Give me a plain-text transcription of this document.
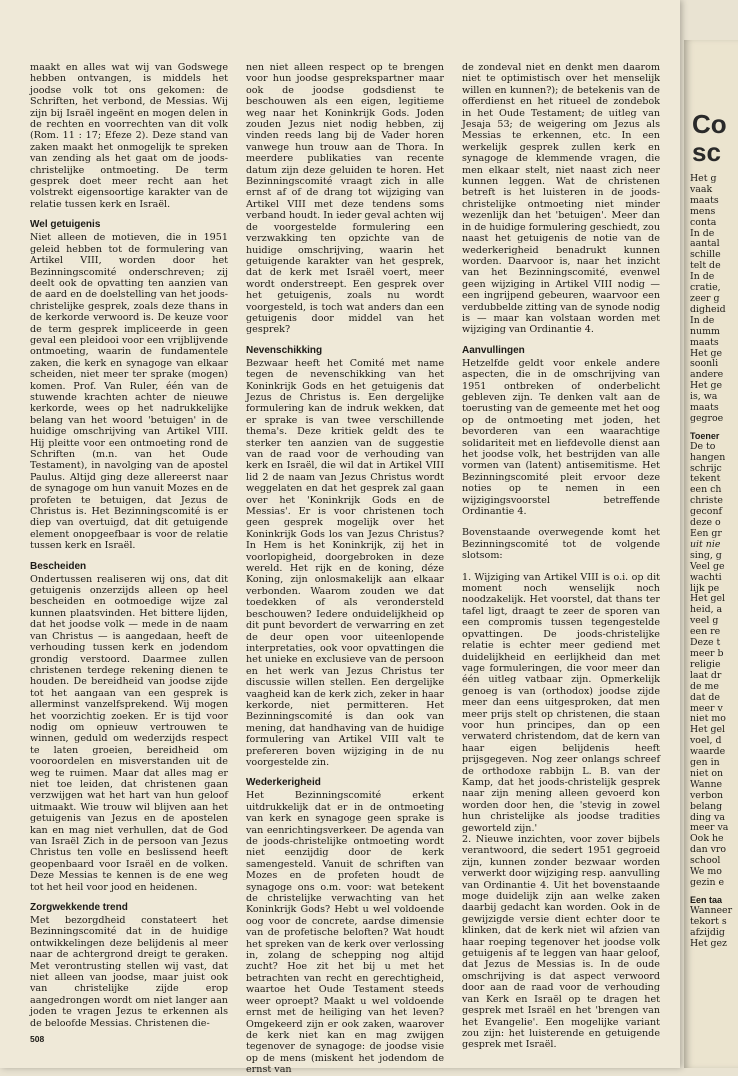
maakt en alles wat wij van Godswege hebben ontvangen, is middels het joodse volk tot ons gekomen: de Schriften, het verbond, de Messias. Wij zijn bij Israël ingeënt en mogen delen in de rechten en voorrechten van dit volk (Rom. 11 : 17; Efeze 2). Deze stand van zaken maakt het onmogelijk te spreken van zending als het gaat om de joods-christelijke ontmoeting. De term gesprek doet meer recht aan het volstrekt eigensoortige karakter van de relatie tussen kerk en Israël.

Wel getuigenis

Niet alleen de motieven, die in 1951 geleid hebben tot de formulering van Artikel VIII, worden door het Bezinningscomité onderschreven; zij deelt ook de opvatting ten aanzien van de aard en de doelstelling van het joods-christelijke gesprek, zoals deze thans in de kerkorde verwoord is. De keuze voor de term gesprek impliceerde in geen geval een pleidooi voor een vrijblijvende ontmoeting, waarin de fundamentele zaken, die kerk en synagoge van elkaar scheiden, niet meer ter sprake (mogen) komen. Prof. Van Ruler, één van de stuwende krachten achter de nieuwe kerkorde, wees op het nadrukkelijke belang van het woord 'betuigen' in de huidige omschrijving van Artikel VIII. Hij pleitte voor een ontmoeting rond de Schriften (m.n. van het Oude Testament), in navolging van de apostel Paulus. Altijd ging deze allereerst naar de synagoge om hun vanuit Mozes en de profeten te betuigen, dat Jezus de Christus is. Het Bezinningscomité is er diep van overtuigd, dat dit getuigende element onopgeefbaar is voor de relatie tussen kerk en Israël.

Bescheiden

Ondertussen realiseren wij ons, dat dit getuigenis onzerzijds alleen op heel bescheiden en ootmoedige wijze zal kunnen plaatsvinden. Het bittere lijden, dat het joodse volk — mede in de naam van Christus — is aangedaan, heeft de verhouding tussen kerk en jodendom grondig verstoord. Daarmee zullen christenen terdege rekening dienen te houden. De bereidheid van joodse zijde tot het aangaan van een gesprek is allerminst vanzelfsprekend. Wij mogen het voorzichtig zoeken. Er is tijd voor nodig om opnieuw vertrouwen te winnen, geduld om wederzijds respect te laten groeien, bereidheid om vooroordelen en misverstanden uit de weg te ruimen. Maar dat alles mag er niet toe leiden, dat christenen gaan verzwijgen wat het hart van hun geloof uitmaakt. Wie trouw wil blijven aan het getuigenis van Jezus en de apostelen kan en mag niet verhullen, dat de God van Israël Zich in de persoon van Jezus Christus ten volle en beslissend heeft geopenbaard voor Israël en de volken. Deze Messias te kennen is de ene weg tot het heil voor jood en heidenen.

Zorgwekkende trend

Met bezorgdheid constateert het Bezinningscomité dat in de huidige ontwikkelingen deze belijdenis al meer naar de achtergrond dreigt te geraken. Met verontrusting stellen wij vast, dat niet alleen van joodse, maar juist ook van christelijke zijde erop aangedrongen wordt om niet langer aan joden te vragen Jezus te erkennen als de beloofde Messias. Christenen die-

nen niet alleen respect op te brengen voor hun joodse gesprekspartner maar ook de joodse godsdienst te beschouwen als een eigen, legitieme weg naar het Koninkrijk Gods. Joden zouden Jezus niet nodig hebben, zij vinden reeds lang bij de Vader horen vanwege hun trouw aan de Thora. In meerdere publikaties van recente datum zijn deze geluiden te horen. Het Bezinningscomité vraagt zich in alle ernst af of de drang tot wijziging van Artikel VIII met deze tendens soms verband houdt. In ieder geval achten wij de voorgestelde formulering een verzwakking ten opzichte van de huidige omschrijving, waarin het getuigende karakter van het gesprek, dat de kerk met Israël voert, meer wordt onderstreept. Een gesprek over het getuigenis, zoals nu wordt voorgesteld, is toch wat anders dan een getuigenis door middel van het gesprek?

Nevenschikking

Bezwaar heeft het Comité met name tegen de nevenschikking van het Koninkrijk Gods en het getuigenis dat Jezus de Christus is. Een dergelijke formulering kan de indruk wekken, dat er sprake is van twee verschillende thema's. Deze kritiek geldt des te sterker ten aanzien van de suggestie van de raad voor de verhouding van kerk en Israël, die wil dat in Artikel VIII lid 2 de naam van Jezus Christus wordt weggelaten en dat het gesprek zal gaan over het 'Koninkrijk Gods en de Messias'. Er is voor christenen toch geen gesprek mogelijk over het Koninkrijk Gods los van Jezus Christus? In Hem is het Koninkrijk, zij het in voorlopigheid, doorgebroken in deze wereld. Het rijk en de koning, déze Koning, zijn onlosmakelijk aan elkaar verbonden. Waarom zouden we dat toedekken of als verondersteld beschouwen? Iedere onduidelijkheid op dit punt bevordert de verwarring en zet de deur open voor uiteenlopende interpretaties, ook voor opvattingen die het unieke en exclusieve van de persoon en het werk van Jezus Christus ter discussie willen stellen. Een dergelijke vaagheid kan de kerk zich, zeker in haar kerkorde, niet permitteren. Het Bezinningscomité is dan ook van mening, dat handhaving van de huidige formulering van Artikel VIII valt te prefereren boven wijziging in de nu voorgestelde zin.

Wederkerigheid

Het Bezinningscomité erkent uitdrukkelijk dat er in de ontmoeting van kerk en synagoge geen sprake is van eenrichtingsverkeer. De agenda van de joods-christelijke ontmoeting wordt niet eenzijdig door de kerk samengesteld. Vanuit de schriften van Mozes en de profeten houdt de synagoge ons o.m. voor: wat betekent de christelijke verwachting van het Koninkrijk Gods? Hebt u wel voldoende oog voor de concrete, aardse dimensie van de profetische beloften? Wat houdt het spreken van de kerk over verlossing in, zolang de schepping nog altijd zucht? Hoe zit het bij u met het betrachten van recht en gerechtigheid, waartoe het Oude Testament steeds weer oproept? Maakt u wel voldoende ernst met de heiliging van het leven? Omgekeerd zijn er ook zaken, waarover de kerk niet kan en mag zwijgen tegenover de synagoge: de joodse visie op de mens (miskent het jodendom de ernst van

de zondeval niet en denkt men daarom niet te optimistisch over het menselijk willen en kunnen?); de betekenis van de offerdienst en het ritueel de zondebok in het Oude Testament; de uitleg van Jesaja 53; de weigering om Jezus als Messias te erkennen, etc. In een werkelijk gesprek zullen kerk en synagoge de klemmende vragen, die men elkaar stelt, niet naast zich neer kunnen leggen. Wat de christenen betreft is het luisteren in de joods-christelijke ontmoeting niet minder wezenlijk dan het 'betuigen'. Meer dan in de huidige formulering geschiedt, zou naast het getuigenis de notie van de wederkerigheid benadrukt kunnen worden. Daarvoor is, naar het inzicht van het Bezinningscomité, evenwel geen wijziging in Artikel VIII nodig — een ingrijpend gebeuren, waarvoor een verdubbelde zitting van de synode nodig is — maar kan volstaan worden met wijziging van Ordinantie 4.

Aanvullingen

Hetzelfde geldt voor enkele andere aspecten, die in de omschrijving van 1951 ontbreken of onderbelicht gebleven zijn. Te denken valt aan de toerusting van de gemeente met het oog op de ontmoeting met joden, het bevorderen van een waarachtige solidariteit met en liefdevolle dienst aan het joodse volk, het bestrijden van alle vormen van (latent) antisemitisme. Het Bezinningscomité pleit ervoor deze noties op te nemen in een wijzigingsvoorstel betreffende Ordinantie 4.

Bovenstaande overwegende komt het Bezinningscomité tot de volgende slotsom:

1. Wijziging van Artikel VIII is o.i. op dit moment noch wenselijk noch noodzakelijk. Het voorstel, dat thans ter tafel ligt, draagt te zeer de sporen van een compromis tussen tegengestelde opvattingen. De joods-christelijke relatie is echter meer gediend met duidelijkheid en eerlijkheid dan met vage formuleringen, die voor meer dan één uitleg vatbaar zijn. Opmerkelijk genoeg is van (orthodox) joodse zijde meer dan eens uitgesproken, dat men meer prijs stelt op christenen, die staan voor hun principes, dan op een verwaterd christendom, dat de kern van haar eigen belijdenis heeft prijsgegeven. Nog zeer onlangs schreef de orthodoxe rabbijn L. B. van der Kamp, dat het joods-christelijk gesprek naar zijn mening alleen gevoerd kon worden door hen, die 'stevig in zowel hun christelijke als joodse tradities geworteld zijn.'

2. Nieuwe inzichten, voor zover bijbels verantwoord, die sedert 1951 gegroeid zijn, kunnen zonder bezwaar worden verwerkt door wijziging resp. aanvulling van Ordinantie 4. Uit het bovenstaande moge duidelijk zijn aan welke zaken daarbij gedacht kan worden. Ook in de gewijzigde versie dient echter door te klinken, dat de kerk niet wil afzien van haar roeping tegenover het joodse volk getuigenis af te leggen van haar geloof, dat Jezus de Messias is. In de oude omschrijving is dat aspect verwoord door aan de raad voor de verhouding van Kerk en Israël op te dragen het gesprek met Israël en het 'brengen van het Evangelie'. Een mogelijke variant zou zijn: het luisterende en getuigende gesprek met Israël.

508
Co
sc
Het g
vaak
maats
mens
conta
In de
aantal
schille
telt de
In de
cratie,
zeer g
digheid
In de
numm
maats
Het ge
soonli
andere
Het ge
is, wa
maats
gegroe
Toener
De to
hangen
schrijc
tekent
een ch
christe
geconf
deze o
Een gr
uit nie
sing, g
Veel ge
wachti
lijk pe
Het gel
heid, a
veel g
een re
Deze t
meer b
religie
laat dr
de me
dat de
meer v
niet mo
Het gel
voel, d
waarde
gen in
niet on
Wanne
verbon
belang
ding va
meer va
Ook he
dan vro
school
We mo
gezin e
Een taa
Wanneer
tekort s
afzijdig
Het gez
